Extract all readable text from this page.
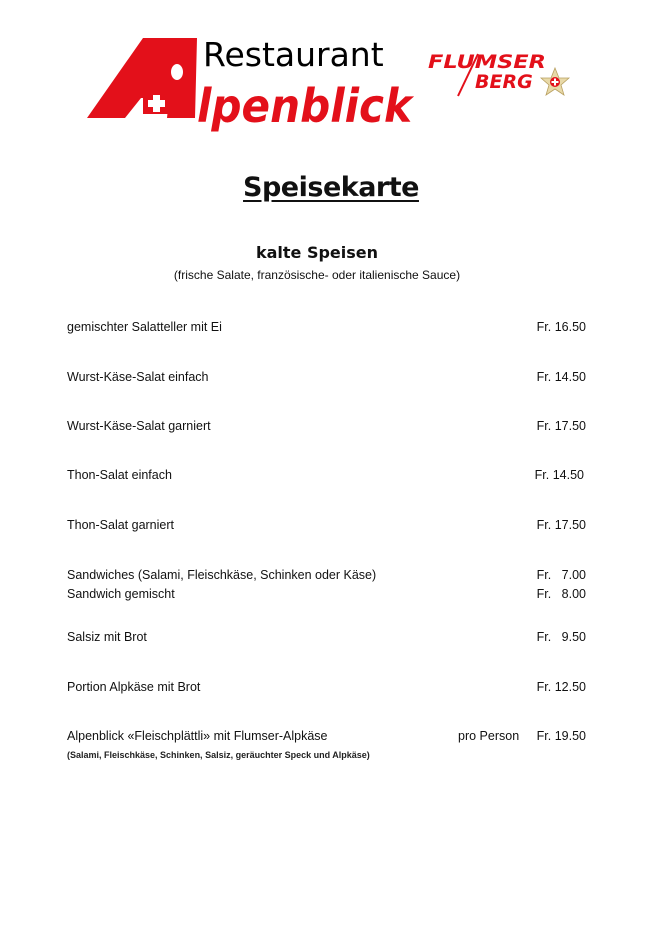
Restaurant
lpenblick
FLUMSER
BERG
Speisekarte
kalte Speisen
(frische Salate, französische- oder italienische Sauce)
gemischter Salatteller mit Ei	Fr. 16.50
Wurst-Käse-Salat einfach	Fr. 14.50
Wurst-Käse-Salat garniert	Fr. 17.50
Thon-Salat einfach	Fr. 14.50
Thon-Salat garniert	Fr. 17.50
Sandwiches (Salami, Fleischkäse, Schinken oder Käse)	Fr.   7.00
Sandwich gemischt	Fr.   8.00
Salsiz mit Brot	Fr.   9.50
Portion Alpkäse mit Brot	Fr. 12.50
Alpenblick «Fleischplättli» mit Flumser-Alpkäse	pro Person Fr. 19.50
(Salami, Fleischkäse, Schinken, Salsiz, geräuchter Speck und Alpkäse)
